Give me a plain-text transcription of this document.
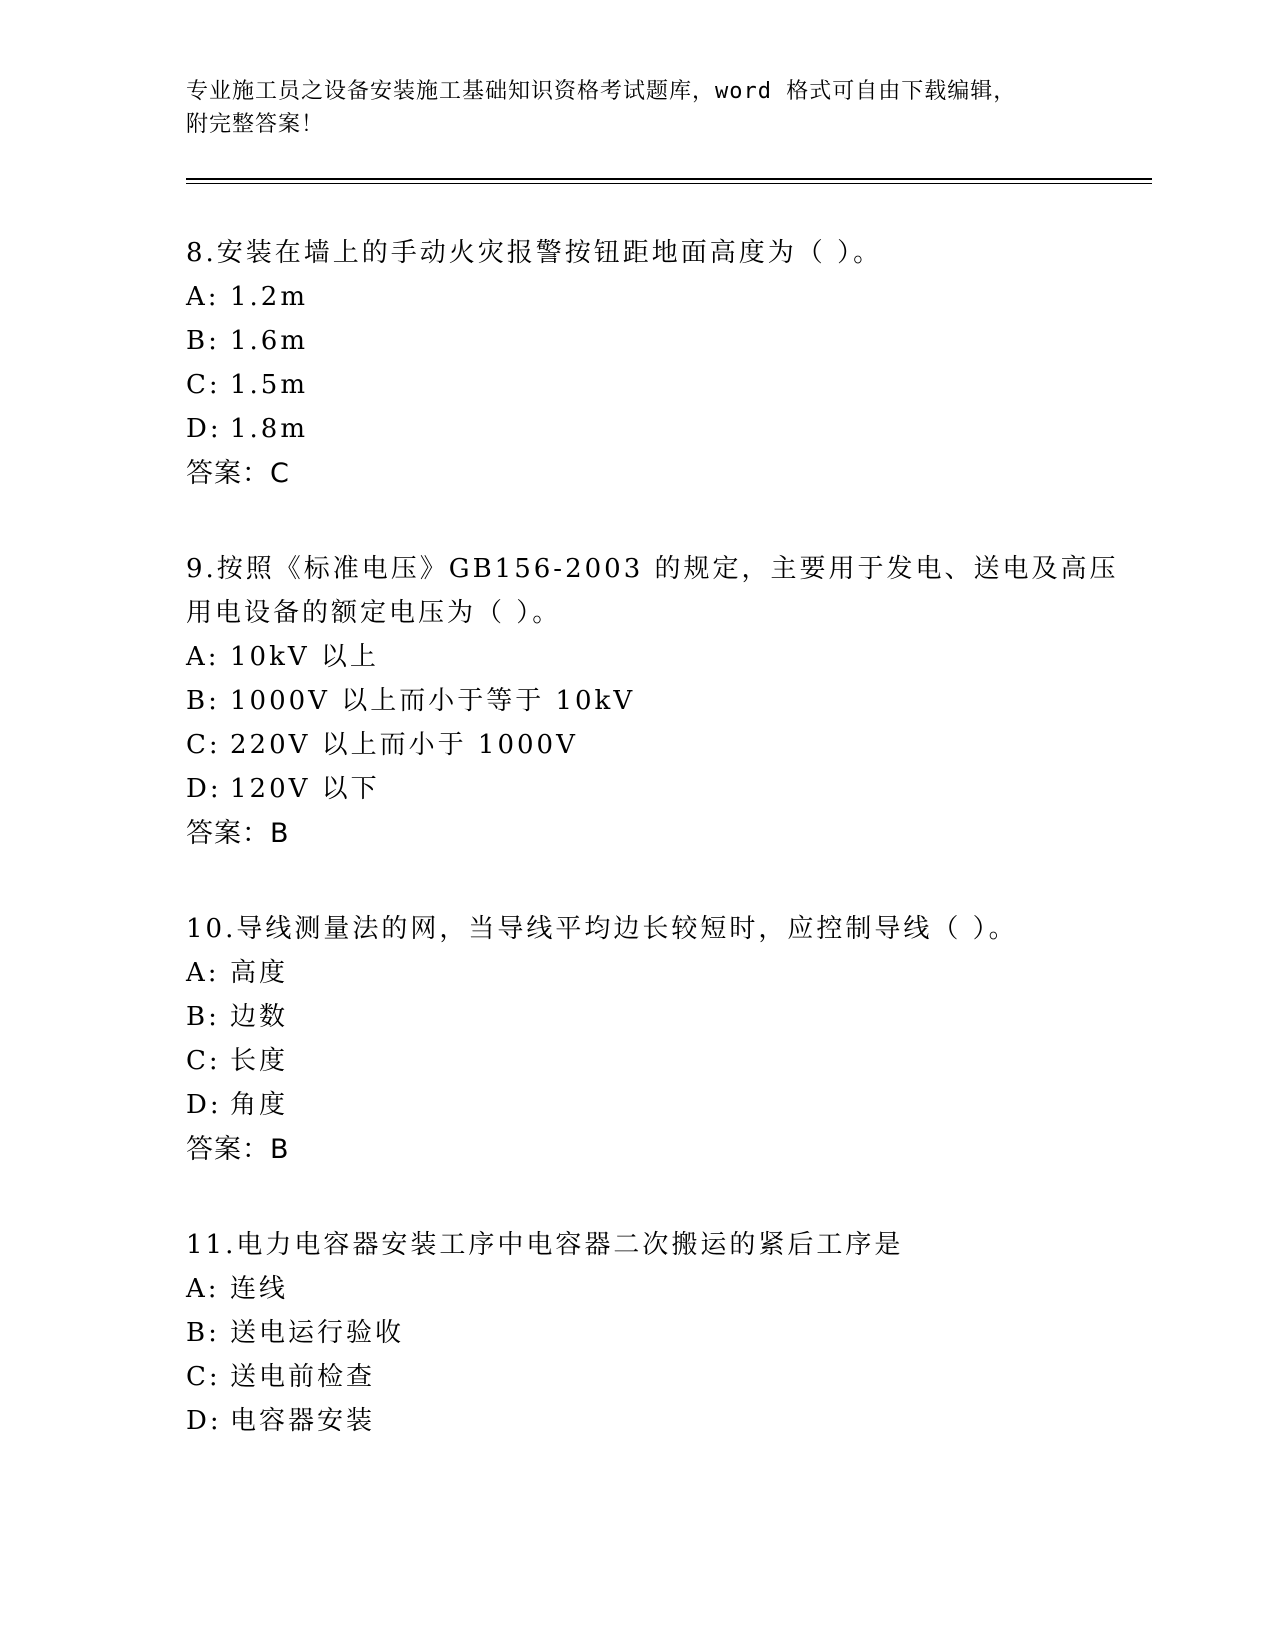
专业施工员之设备安装施工基础知识资格考试题库，word 格式可自由下载编辑，
附完整答案！
8.安装在墙上的手动火灾报警按钮距地面高度为（ ）。
A: 1.2m
B: 1.6m
C: 1.5m
D: 1.8m
答案：C
9.按照《标准电压》GB156-2003 的规定，主要用于发电、送电及高压
用电设备的额定电压为（ ）。
A: 10kV 以上
B: 1000V 以上而小于等于 10kV
C: 220V 以上而小于 1000V
D: 120V 以下
答案：B
10.导线测量法的网，当导线平均边长较短时，应控制导线（ ）。
A: 高度
B: 边数
C: 长度
D: 角度
答案：B
11.电力电容器安装工序中电容器二次搬运的紧后工序是
A: 连线
B: 送电运行验收
C: 送电前检查
D: 电容器安装
